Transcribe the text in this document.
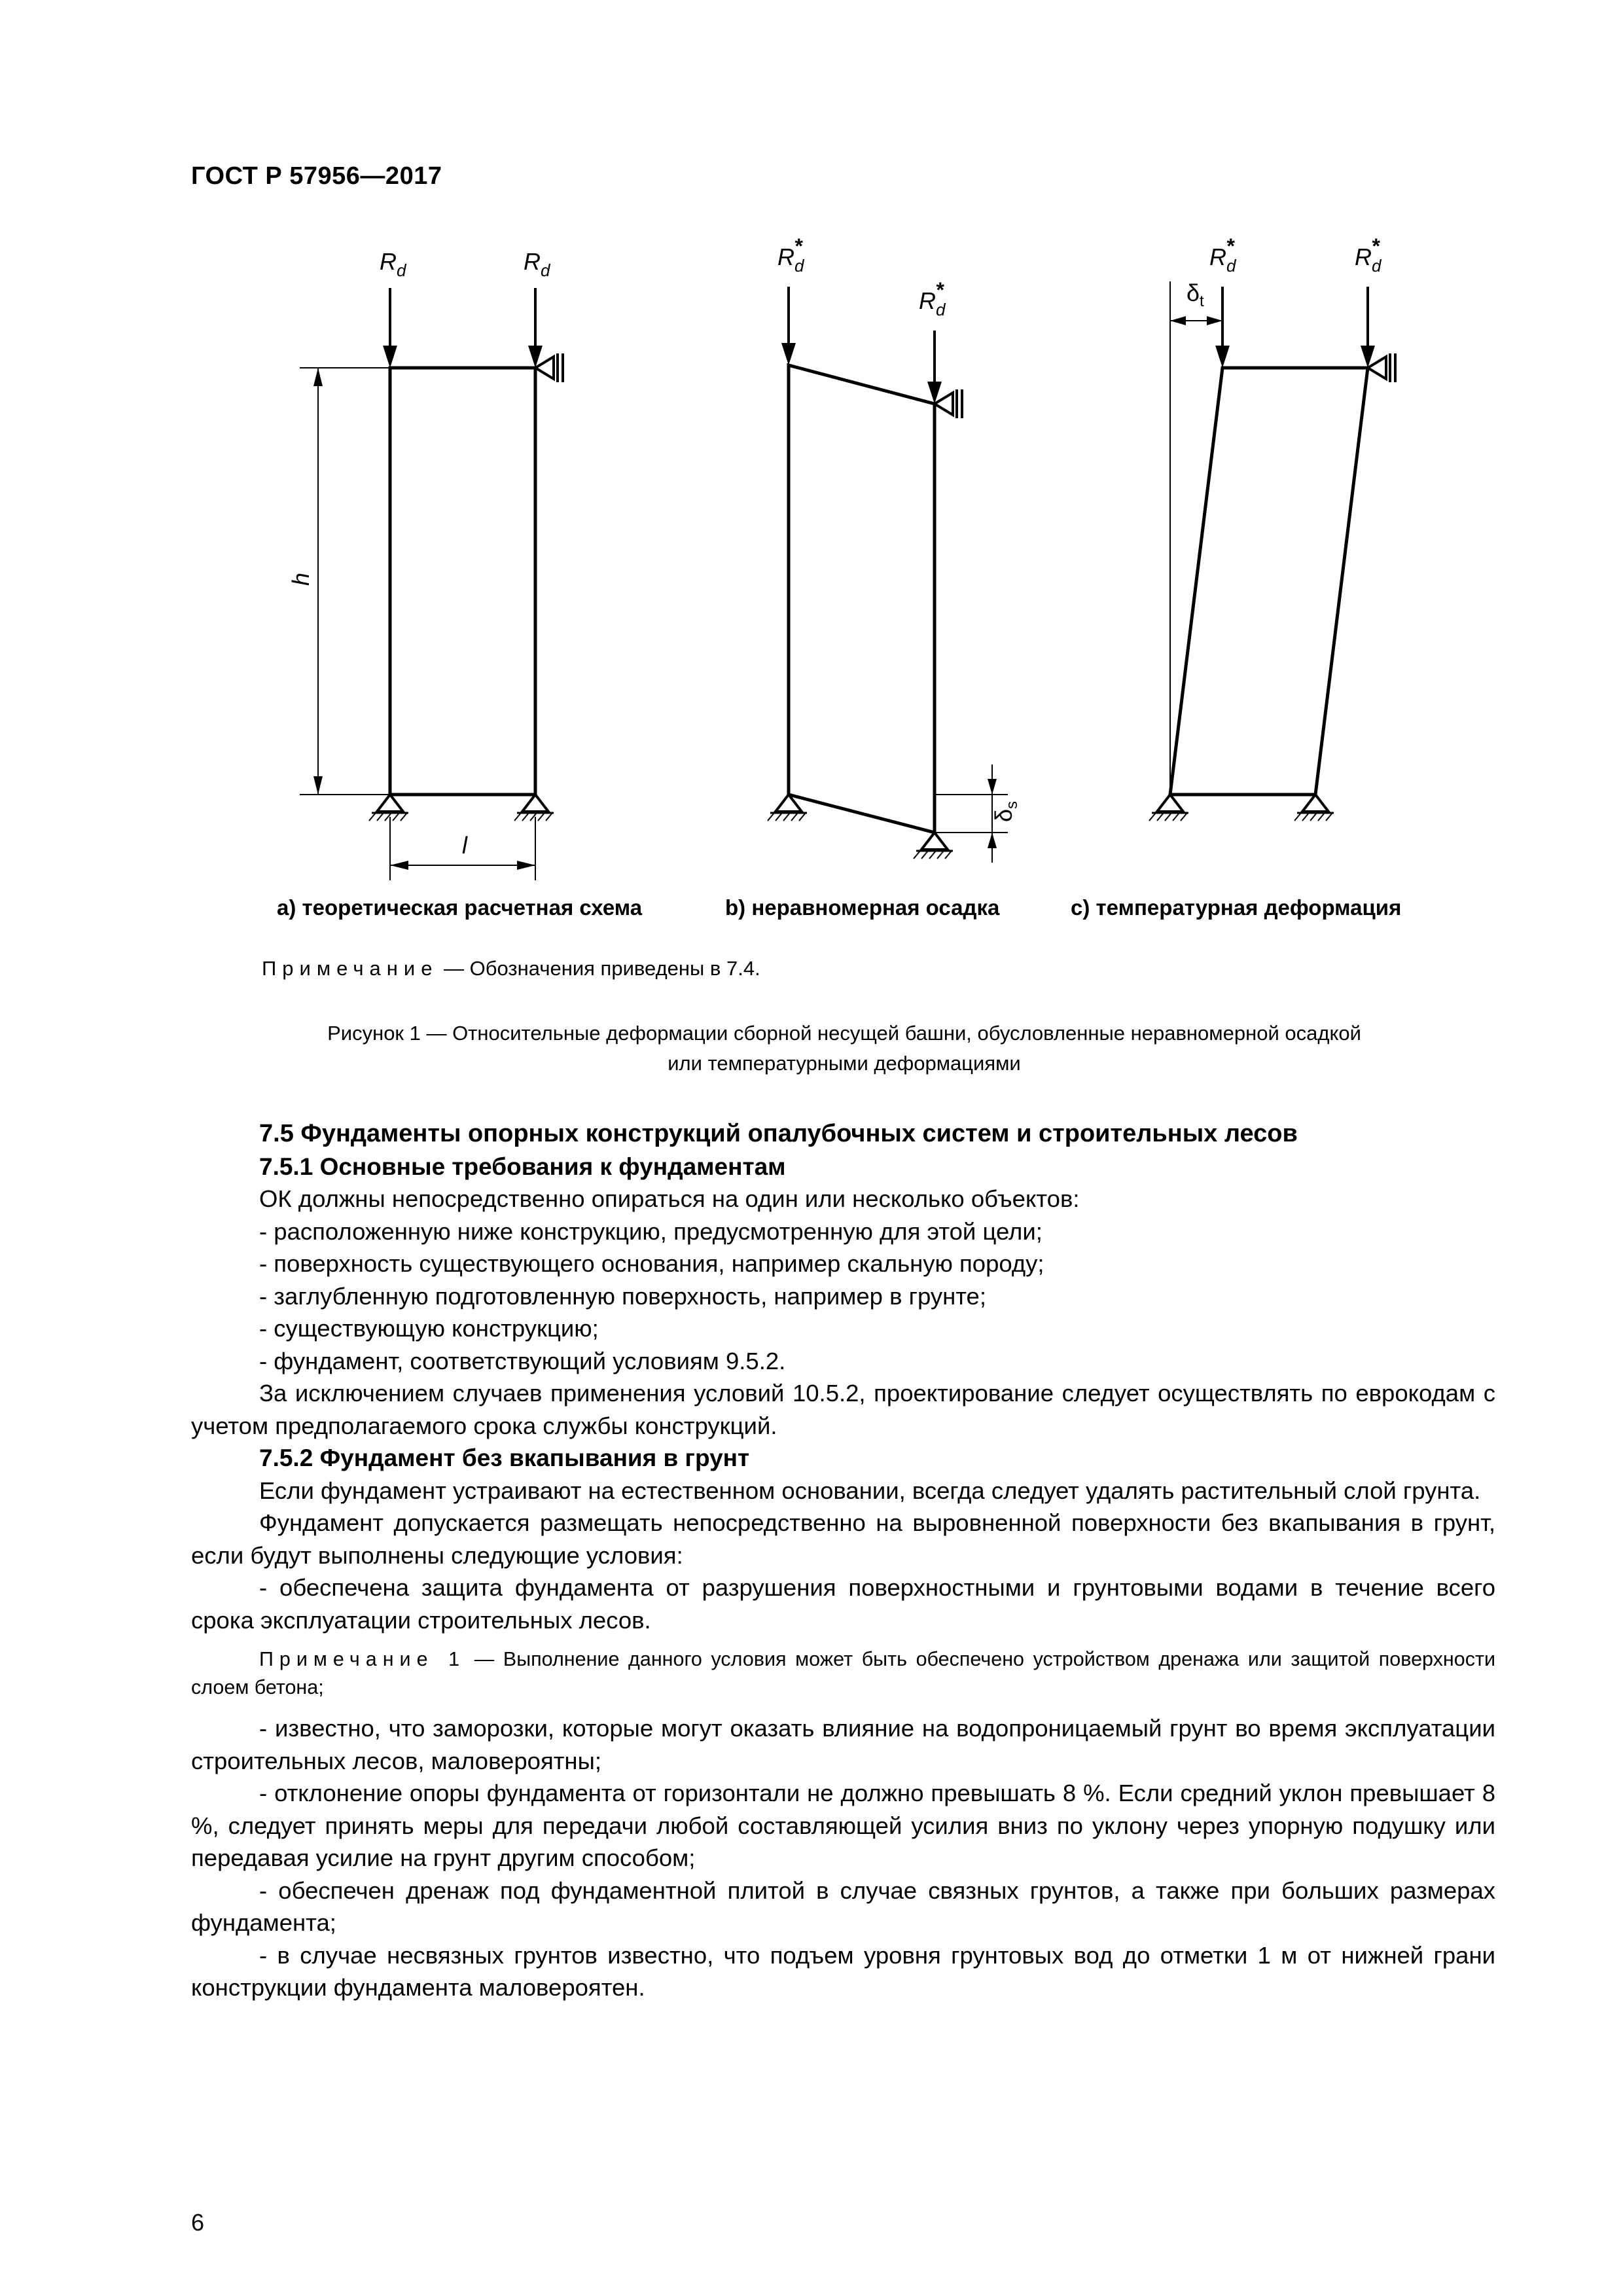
ГОСТ Р 57956—2017
$R_d$	$R_d$
h
l
$R_d*$
$R_d*$
$\delta_s$
$R_d*$	$R_d*$
$\delta_t$
а) теоретическая расчетная схема	b) неравномерная осадка	с) температурная деформация
Примечание — Обозначения приведены в 7.4.
Рисунок 1 — Относительные деформации сборной несущей башни, обусловленные неравномерной осадкой
или температурными деформациями

7.5 Фундаменты опорных конструкций опалубочных систем и строительных лесов

7.5.1 Основные требования к фундаментам

ОК должны непосредственно опираться на один или несколько объектов:

- расположенную ниже конструкцию, предусмотренную для этой цели;

- поверхность существующего основания, например скальную породу;

- заглубленную подготовленную поверхность, например в грунте;

- существующую конструкцию;

- фундамент, соответствующий условиям 9.5.2.

За исключением случаев применения условий 10.5.2, проектирование следует осуществлять по еврокодам с учетом предполагаемого срока службы конструкций.

7.5.2 Фундамент без вкапывания в грунт

Если фундамент устраивают на естественном основании, всегда следует удалять растительный слой грунта.

Фундамент допускается размещать непосредственно на выровненной поверхности без вкапывания в грунт, если будут выполнены следующие условия:

- обеспечена защита фундамента от разрушения поверхностными и грунтовыми водами в течение всего срока эксплуатации строительных лесов.

Примечание 1 — Выполнение данного условия может быть обеспечено устройством дренажа или защитой поверхности слоем бетона;

- известно, что заморозки, которые могут оказать влияние на водопроницаемый грунт во время эксплуатации строительных лесов, маловероятны;

- отклонение опоры фундамента от горизонтали не должно превышать 8 %. Если средний уклон превышает 8 %, следует принять меры для передачи любой составляющей усилия вниз по уклону через упорную подушку или передавая усилие на грунт другим способом;

- обеспечен дренаж под фундаментной плитой в случае связных грунтов, а также при больших размерах фундамента;

- в случае несвязных грунтов известно, что подъем уровня грунтовых вод до отметки 1 м от нижней грани конструкции фундамента маловероятен.

6
